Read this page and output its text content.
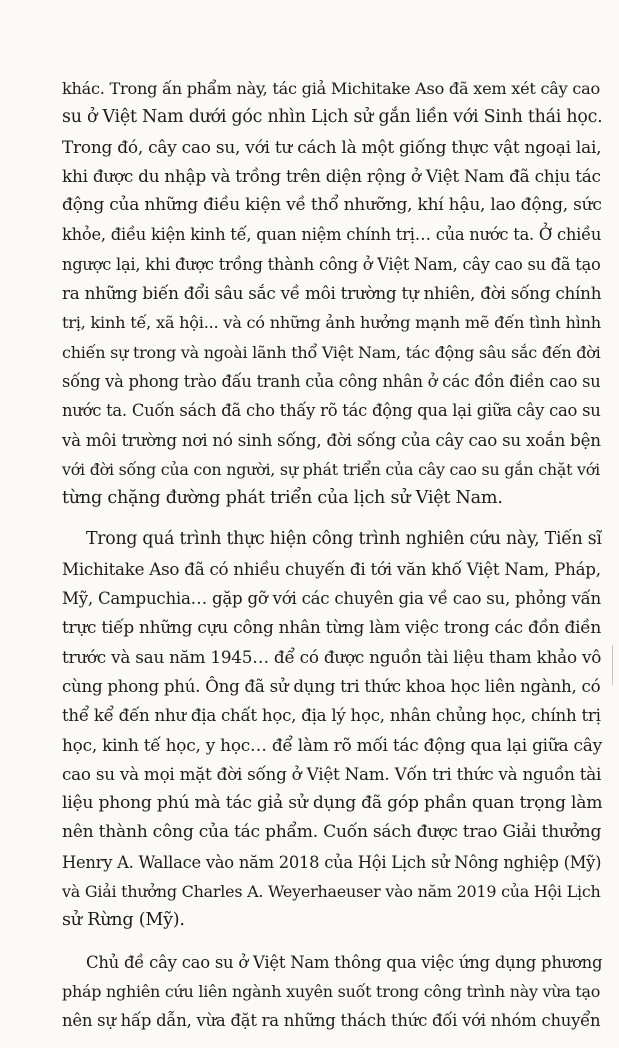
khác. Trong ấn phẩm này, tác giả Michitake Aso đã xem xét cây cao
su ở Việt Nam dưới góc nhìn Lịch sử gắn liền với Sinh thái học.
Trong đó, cây cao su, với tư cách là một giống thực vật ngoại lai,
khi được du nhập và trồng trên diện rộng ở Việt Nam đã chịu tác
động của những điều kiện về thổ nhưỡng, khí hậu, lao động, sức
khỏe, điều kiện kinh tế, quan niệm chính trị… của nước ta. Ở chiều
ngược lại, khi được trồng thành công ở Việt Nam, cây cao su đã tạo
ra những biến đổi sâu sắc về môi trường tự nhiên, đời sống chính
trị, kinh tế, xã hội... và có những ảnh hưởng mạnh mẽ đến tình hình
chiến sự trong và ngoài lãnh thổ Việt Nam, tác động sâu sắc đến đời
sống và phong trào đấu tranh của công nhân ở các đồn điền cao su
nước ta. Cuốn sách đã cho thấy rõ tác động qua lại giữa cây cao su
và môi trường nơi nó sinh sống, đời sống của cây cao su xoắn bện
với đời sống của con người, sự phát triển của cây cao su gắn chặt với
từng chặng đường phát triển của lịch sử Việt Nam.
Trong quá trình thực hiện công trình nghiên cứu này, Tiến sĩ
Michitake Aso đã có nhiều chuyến đi tới văn khố Việt Nam, Pháp,
Mỹ, Campuchia… gặp gỡ với các chuyên gia về cao su, phỏng vấn
trực tiếp những cựu công nhân từng làm việc trong các đồn điền
trước và sau năm 1945… để có được nguồn tài liệu tham khảo vô
cùng phong phú. Ông đã sử dụng tri thức khoa học liên ngành, có
thể kể đến như địa chất học, địa lý học, nhân chủng học, chính trị
học, kinh tế học, y học… để làm rõ mối tác động qua lại giữa cây
cao su và mọi mặt đời sống ở Việt Nam. Vốn tri thức và nguồn tài
liệu phong phú mà tác giả sử dụng đã góp phần quan trọng làm
nên thành công của tác phẩm. Cuốn sách được trao Giải thưởng
Henry A. Wallace vào năm 2018 của Hội Lịch sử Nông nghiệp (Mỹ)
và Giải thưởng Charles A. Weyerhaeuser vào năm 2019 của Hội Lịch
sử Rừng (Mỹ).
Chủ đề cây cao su ở Việt Nam thông qua việc ứng dụng phương
pháp nghiên cứu liên ngành xuyên suốt trong công trình này vừa tạo
nên sự hấp dẫn, vừa đặt ra những thách thức đối với nhóm chuyển
